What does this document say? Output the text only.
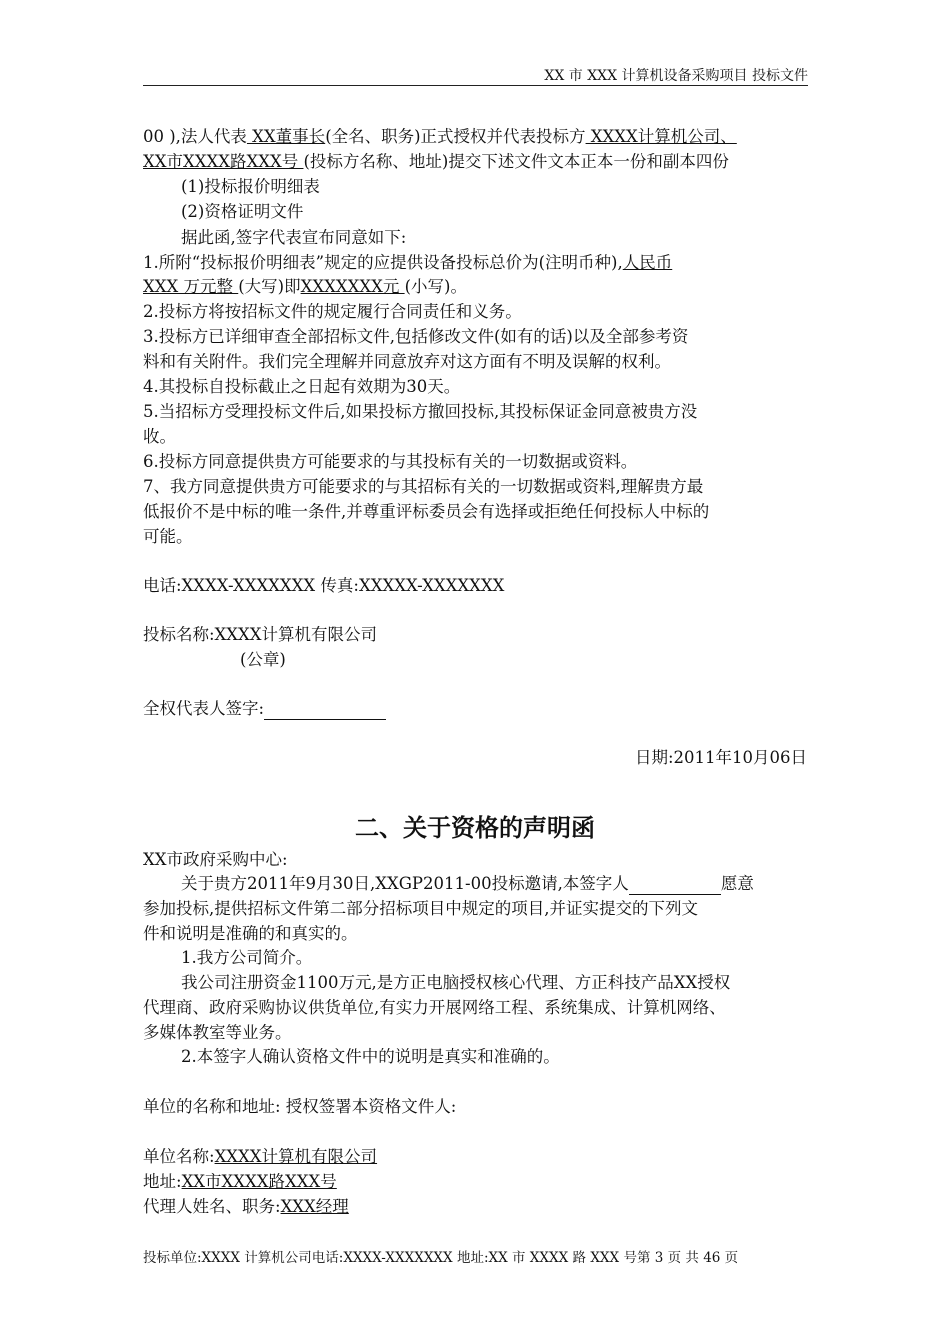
XX 市 XXX 计算机设备采购项目 投标文件
00 ),法人代表 XX董事长(全名、职务)正式授权并代表投标方 XXXX计算机公司、
XX市XXXX路XXX号 (投标方名称、地址)提交下述文件文本正本一份和副本四份
(1)投标报价明细表
(2)资格证明文件
据此函,签字代表宣布同意如下:
1.所附“投标报价明细表”规定的应提供设备投标总价为(注明币种),人民币
XXX 万元整 (大写)即XXXXXXX元 (小写)。
2.投标方将按招标文件的规定履行合同责任和义务。
3.投标方已详细审查全部招标文件,包括修改文件(如有的话)以及全部参考资
料和有关附件。我们完全理解并同意放弃对这方面有不明及误解的权利。
4.其投标自投标截止之日起有效期为30天。
5.当招标方受理投标文件后,如果投标方撤回投标,其投标保证金同意被贵方没
收。
6.投标方同意提供贵方可能要求的与其投标有关的一切数据或资料。
7、我方同意提供贵方可能要求的与其招标有关的一切数据或资料,理解贵方最
低报价不是中标的唯一条件,并尊重评标委员会有选择或拒绝任何投标人中标的
可能。
电话:XXXX-XXXXXXX 传真:XXXXX-XXXXXXX
投标名称:XXXX计算机有限公司
(公章)
全权代表人签字:
日期:2011年10月06日
二、关于资格的声明函
XX市政府采购中心:
关于贵方2011年9月30日,XXGP2011-00投标邀请,本签字人	愿意
参加投标,提供招标文件第二部分招标项目中规定的项目,并证实提交的下列文
件和说明是准确的和真实的。
1.我方公司简介。
我公司注册资金1100万元,是方正电脑授权核心代理、方正科技产品XX授权
代理商、政府采购协议供货单位,有实力开展网络工程、系统集成、计算机网络、
多媒体教室等业务。
2.本签字人确认资格文件中的说明是真实和准确的。
单位的名称和地址: 授权签署本资格文件人:
单位名称:XXXX计算机有限公司
地址:XX市XXXX路XXX号
代理人姓名、职务:XXX经理
投标单位:XXXX 计算机公司电话:XXXX-XXXXXXX 地址:XX 市 XXXX 路 XXX 号第 3 页 共 46 页
